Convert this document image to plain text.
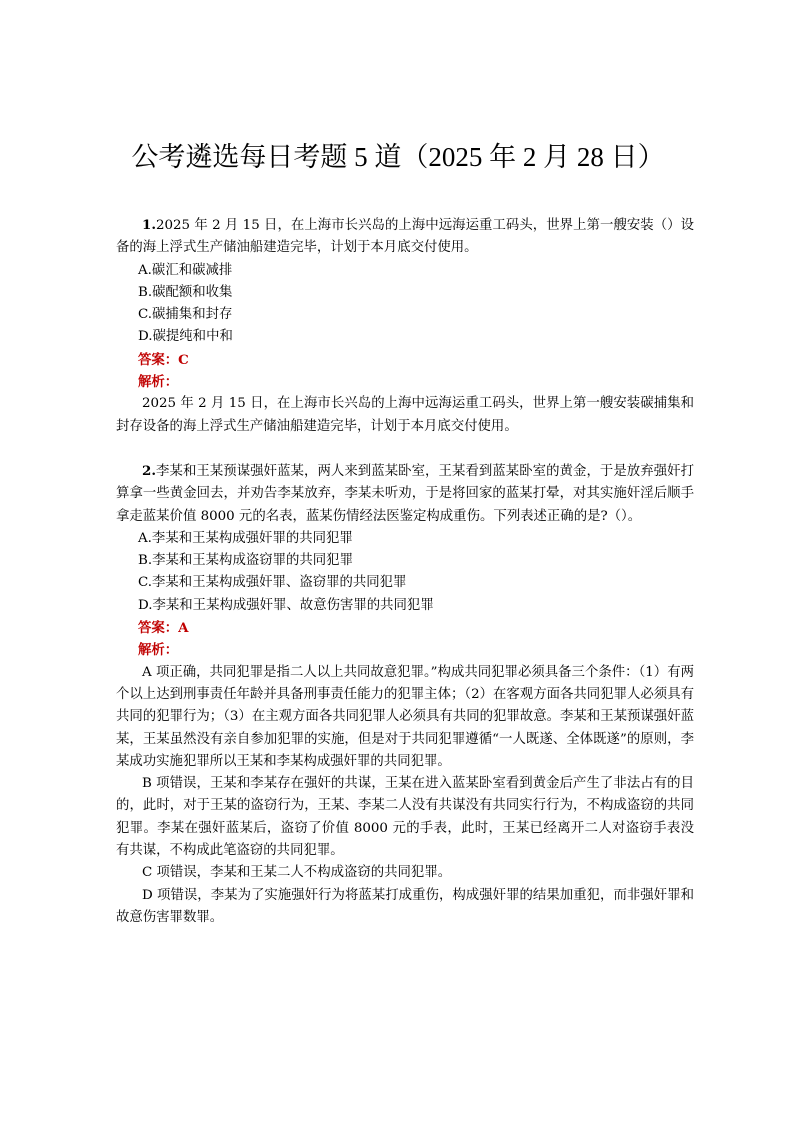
公考遴选每日考题 5 道（2025 年 2 月 28 日）

1.2025 年 2 月 15 日，在上海市长兴岛的上海中远海运重工码头，世界上第一艘安装（）设备的海上浮式生产储油船建造完毕，计划于本月底交付使用。

A.碳汇和碳减排

B.碳配额和收集

C.碳捕集和封存

D.碳提纯和中和

答案：C

解析：

2025 年 2 月 15 日，在上海市长兴岛的上海中远海运重工码头，世界上第一艘安装碳捕集和封存设备的海上浮式生产储油船建造完毕，计划于本月底交付使用。

2.李某和王某预谋强奸蓝某，两人来到蓝某卧室，王某看到蓝某卧室的黄金，于是放弃强奸打算拿一些黄金回去，并劝告李某放弃，李某未听劝，于是将回家的蓝某打晕，对其实施奸淫后顺手拿走蓝某价值 8000 元的名表，蓝某伤情经法医鉴定构成重伤。下列表述正确的是?（）。

A.李某和王某构成强奸罪的共同犯罪

B.李某和王某构成盗窃罪的共同犯罪

C.李某和王某构成强奸罪、盗窃罪的共同犯罪

D.李某和王某构成强奸罪、故意伤害罪的共同犯罪

答案：A

解析：

A 项正确，共同犯罪是指二人以上共同故意犯罪。”构成共同犯罪必须具备三个条件：（1）有两个以上达到刑事责任年龄并具备刑事责任能力的犯罪主体；（2）在客观方面各共同犯罪人必须具有共同的犯罪行为；（3）在主观方面各共同犯罪人必须具有共同的犯罪故意。李某和王某预谋强奸蓝某，王某虽然没有亲自参加犯罪的实施，但是对于共同犯罪遵循“一人既遂、全体既遂”的原则，李某成功实施犯罪所以王某和李某构成强奸罪的共同犯罪。

B 项错误，王某和李某存在强奸的共谋，王某在进入蓝某卧室看到黄金后产生了非法占有的目的，此时，对于王某的盗窃行为，王某、李某二人没有共谋没有共同实行行为，不构成盗窃的共同犯罪。李某在强奸蓝某后，盗窃了价值 8000 元的手表，此时，王某已经离开二人对盗窃手表没有共谋，不构成此笔盗窃的共同犯罪。

C 项错误，李某和王某二人不构成盗窃的共同犯罪。

D 项错误，李某为了实施强奸行为将蓝某打成重伤，构成强奸罪的结果加重犯，而非强奸罪和故意伤害罪数罪。
